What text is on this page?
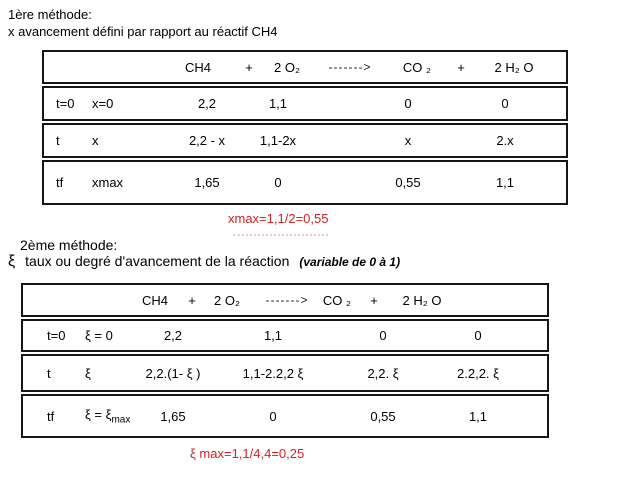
1ère méthode:
x avancement défini par rapport au réactif CH4
CH4	+	2 O₂	------->	CO ₂	+	2 H₂ O
t=0	x=0	2,2	1,1	0	0
t	x	2,2 - x	1,1-2x	x	2.x
tf	xmax	1,65	0	0,55	1,1
xmax=1,1/2=0,55
2ème méthode:
ξ taux ou degré d'avancement de la réaction (variable de 0 à 1)
CH4	+	2 O₂	------->	CO ₂	+	2 H₂ O
t=0	ξ = 0	2,2	1,1	0	0
t	ξ	2,2.(1- ξ )	1,1-2.2,2 ξ	2,2. ξ	2.2,2. ξ
tf	$\xi = \xi_{max}$	1,65	0	0,55	1,1
ξ max=1,1/4,4=0,25
